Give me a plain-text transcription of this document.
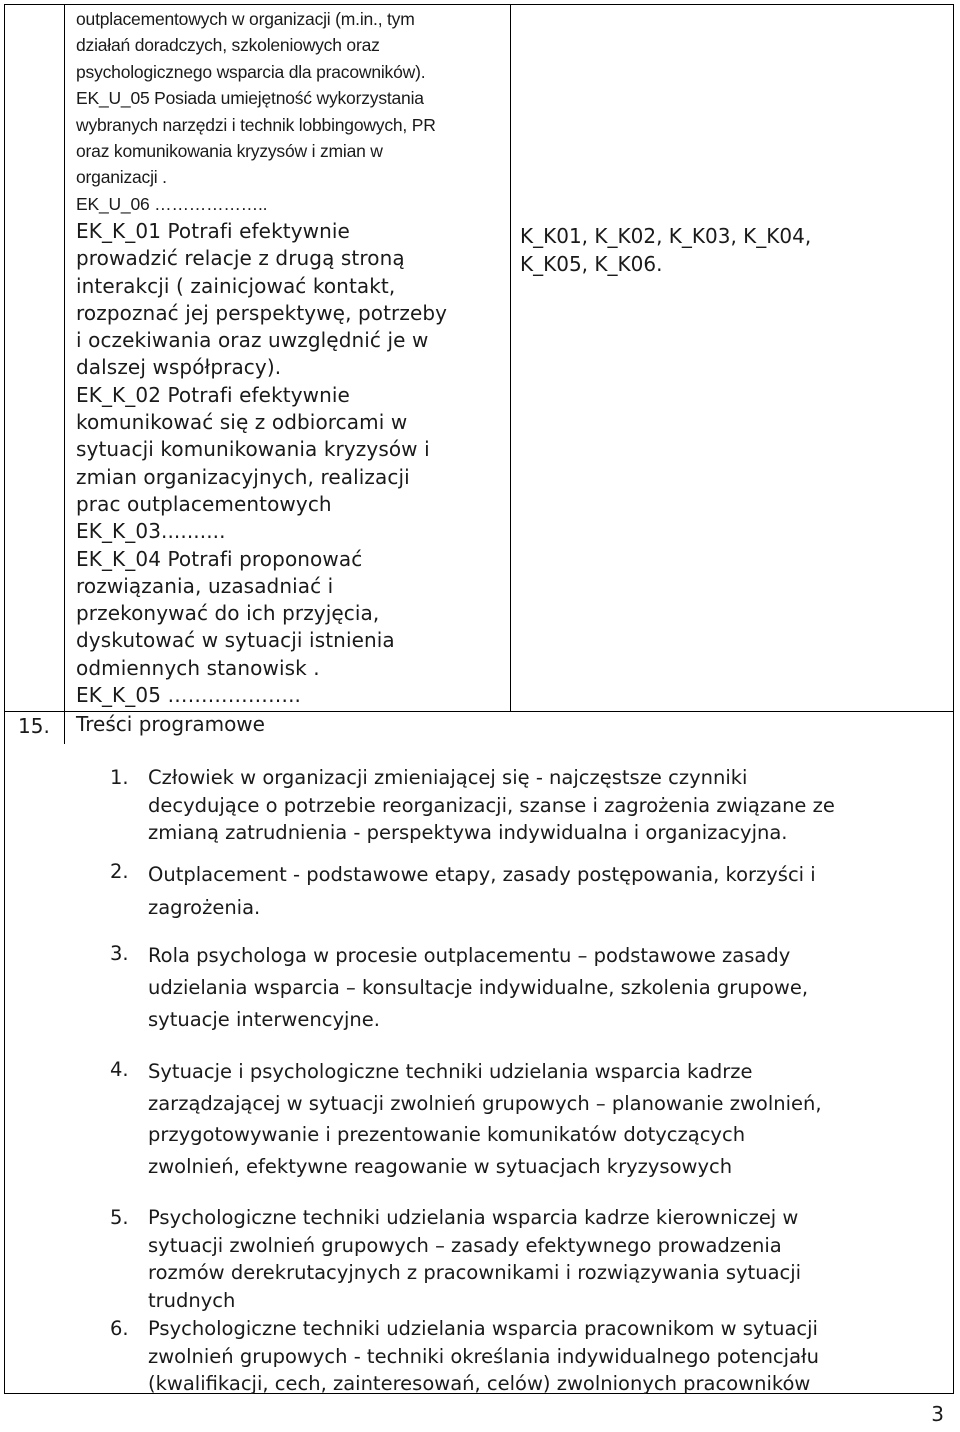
outplacementowych w organizacji (m.in., tym
działań doradczych, szkoleniowych oraz
psychologicznego wsparcia dla pracowników).
EK_U_05 Posiada umiejętność wykorzystania
wybranych narzędzi i technik lobbingowych, PR
oraz komunikowania kryzysów i zmian w
organizacji .
EK_U_06 ………………..
EK_K_01 Potrafi efektywnie
prowadzić relacje z drugą stroną
interakcji ( zainicjować kontakt,
rozpoznać jej perspektywę, potrzeby
i oczekiwania oraz uwzględnić je w
dalszej współpracy).
EK_K_02 Potrafi efektywnie
komunikować się z odbiorcami w
sytuacji komunikowania kryzysów i
zmian organizacyjnych, realizacji
prac outplacementowych
EK_K_03..........
EK_K_04 Potrafi proponować
rozwiązania, uzasadniać i
przekonywać do ich przyjęcia,
dyskutować w sytuacji istnienia
odmiennych stanowisk .
EK_K_05 ………………..
K_K01, K_K02, K_K03, K_K04,
K_K05, K_K06.
15. Treści programowe
1. Człowiek w organizacji zmieniającej się - najczęstsze czynniki
decydujące o potrzebie reorganizacji, szanse i zagrożenia związane ze
zmianą zatrudnienia - perspektywa indywidualna i organizacyjna.
2. Outplacement - podstawowe etapy, zasady postępowania, korzyści i
zagrożenia.
3. Rola psychologa w procesie outplacementu – podstawowe zasady
udzielania wsparcia – konsultacje indywidualne, szkolenia grupowe,
sytuacje interwencyjne.
4. Sytuacje i psychologiczne techniki udzielania wsparcia kadrze
zarządzającej w sytuacji zwolnień grupowych – planowanie zwolnień,
przygotowywanie i prezentowanie komunikatów dotyczących
zwolnień, efektywne reagowanie w sytuacjach kryzysowych
5. Psychologiczne techniki udzielania wsparcia kadrze kierowniczej w
sytuacji zwolnień grupowych – zasady efektywnego prowadzenia
rozmów derekrutacyjnych z pracownikami i rozwiązywania sytuacji
trudnych
6. Psychologiczne techniki udzielania wsparcia pracownikom w sytuacji
zwolnień grupowych - techniki określania indywidualnego potencjału
(kwalifikacji, cech, zainteresowań, celów) zwolnionych pracowników
3
